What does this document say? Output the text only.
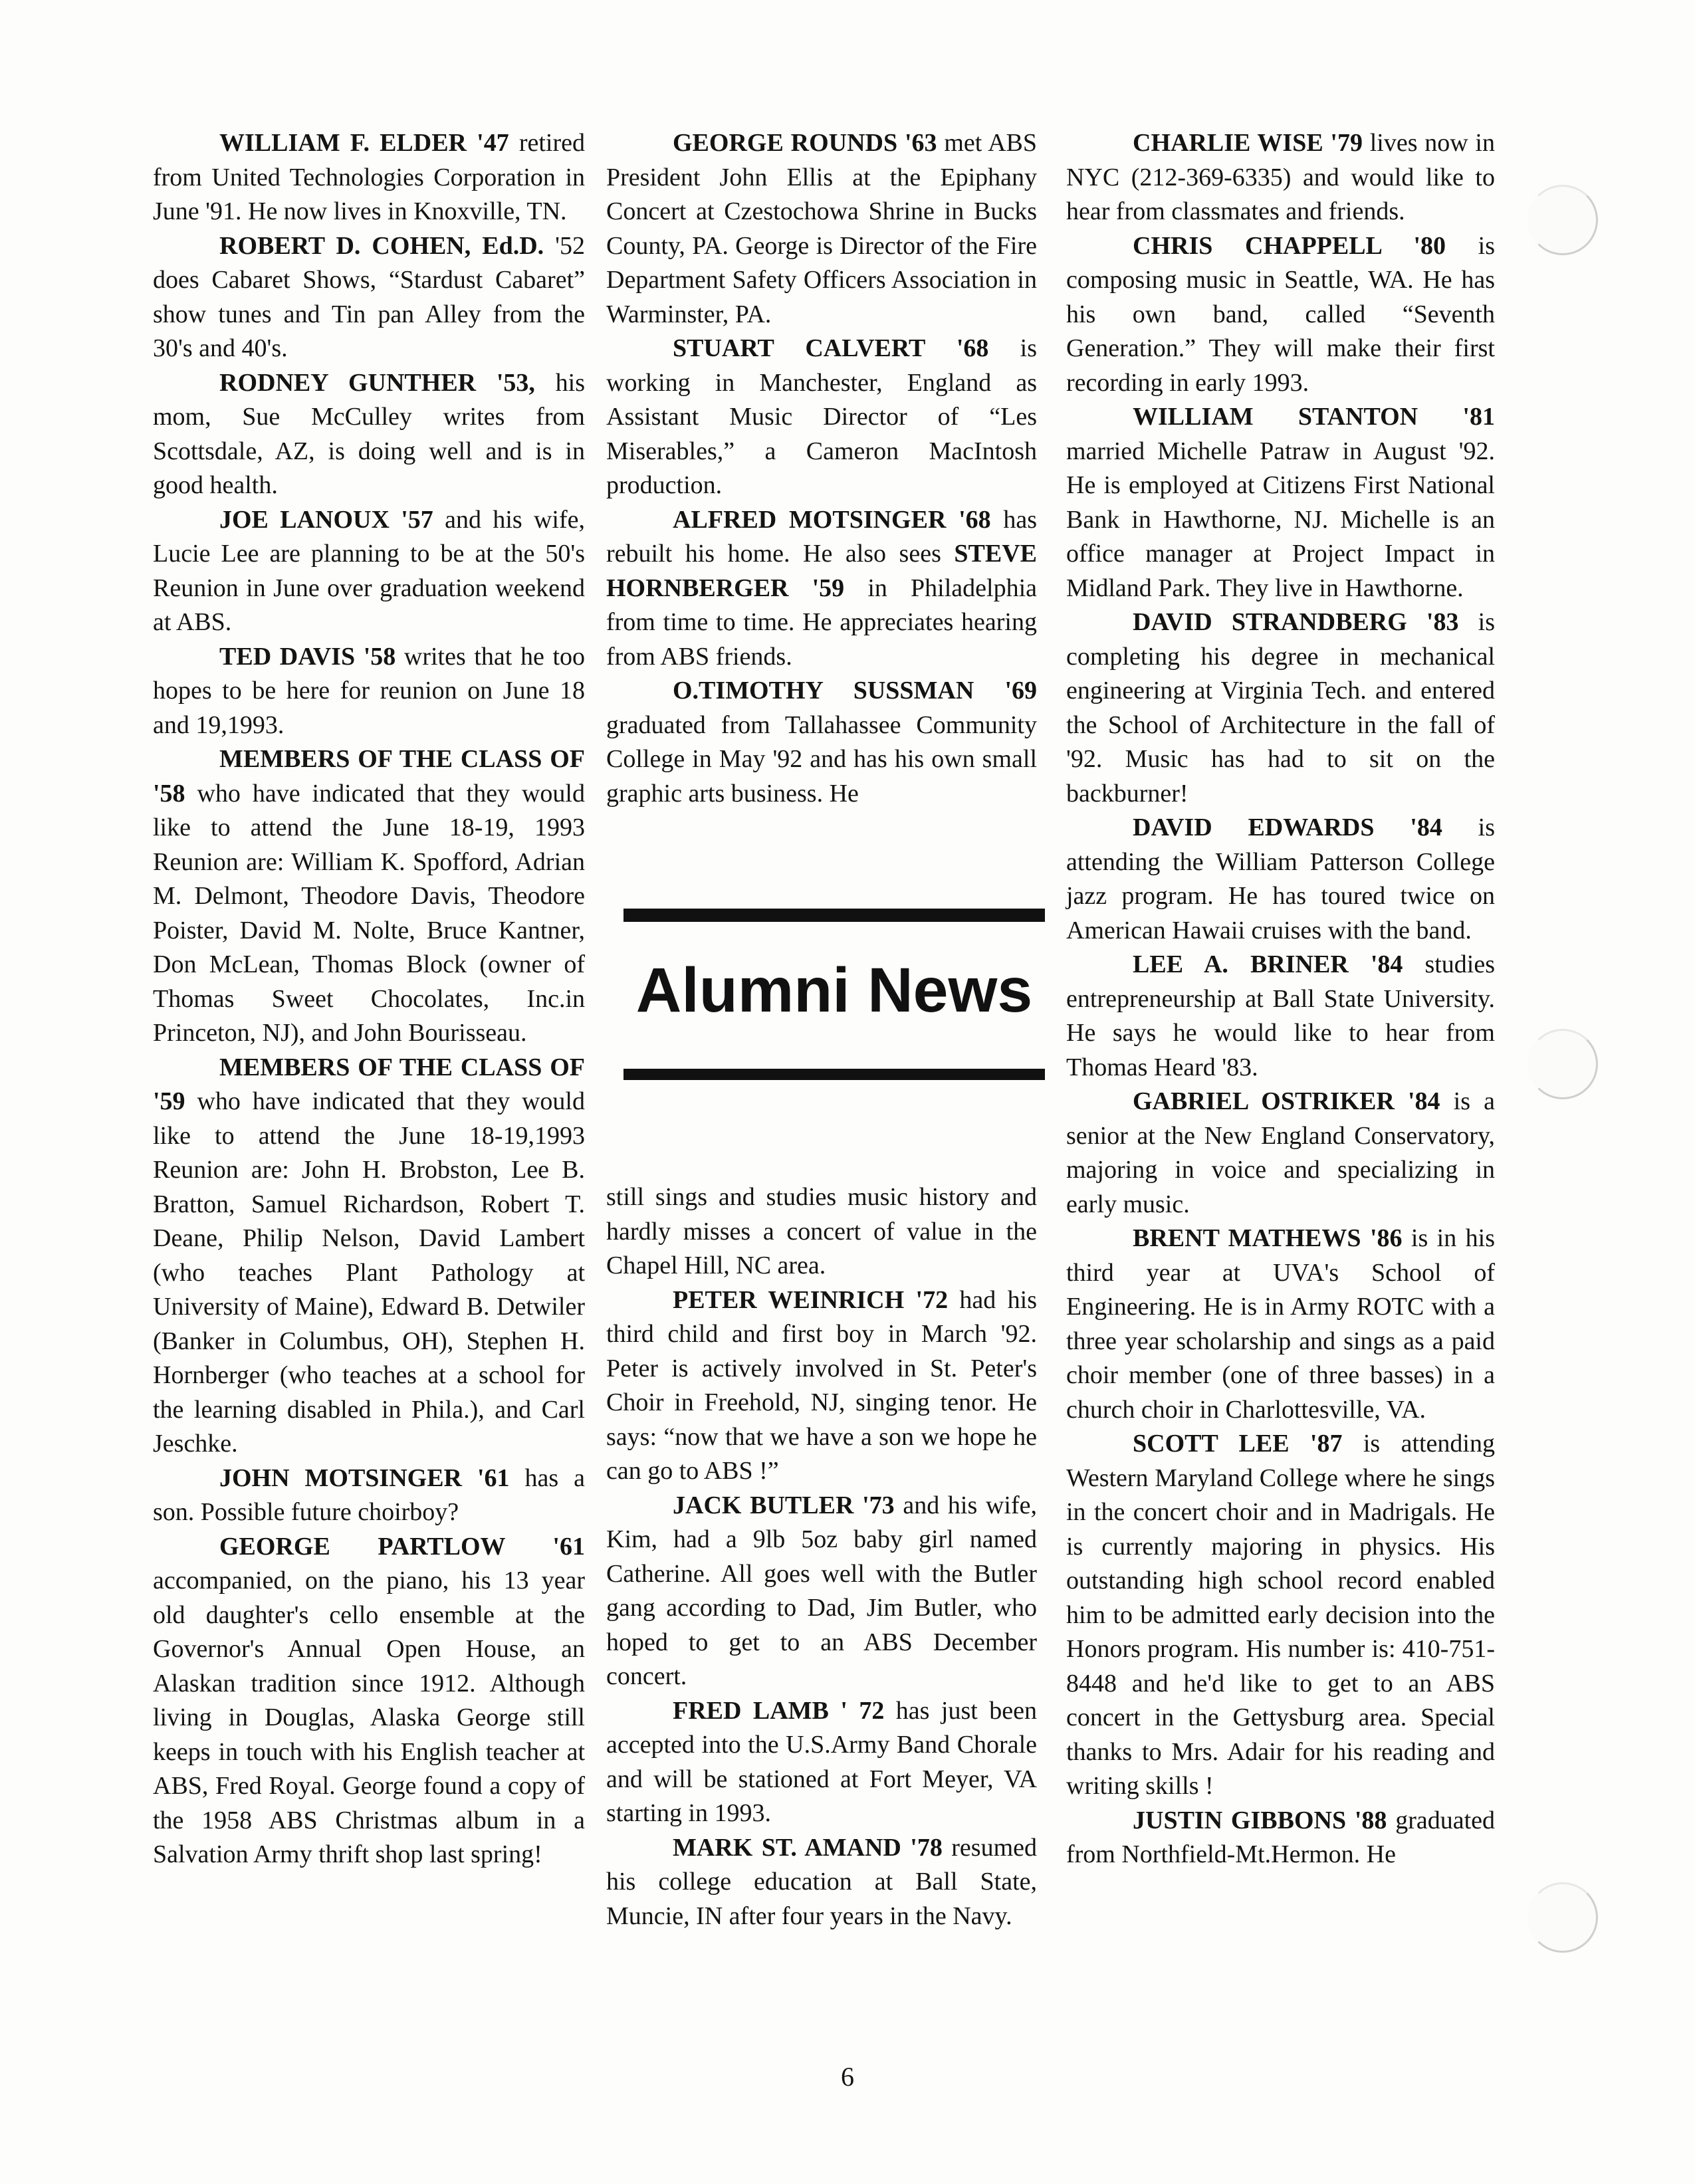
WILLIAM F. ELDER '47 retired from United Technologies Corporation in June '91. He now lives in Knoxville, TN.

ROBERT D. COHEN, Ed.D. '52 does Cabaret Shows, “Stardust Cabaret” show tunes and Tin pan Alley from the 30's and 40's.

RODNEY GUNTHER '53, his mom, Sue McCulley writes from Scottsdale, AZ, is doing well and is in good health.

JOE LANOUX '57 and his wife, Lucie Lee are planning to be at the 50's Reunion in June over graduation weekend at ABS.

TED DAVIS '58 writes that he too hopes to be here for reunion on June 18 and 19,1993.

MEMBERS OF THE CLASS OF '58 who have indicated that they would like to attend the June 18-19, 1993 Reunion are: William K. Spofford, Adrian M. Delmont, Theodore Davis, Theodore Poister, David M. Nolte, Bruce Kantner, Don McLean, Thomas Block (owner of Thomas Sweet Chocolates, Inc.in Princeton, NJ), and John Bourisseau.

MEMBERS OF THE CLASS OF '59 who have indicated that they would like to attend the June 18-19,1993 Reunion are: John H. Brobston, Lee B. Bratton, Samuel Richardson, Robert T. Deane, Philip Nelson, David Lambert (who teaches Plant Pathology at University of Maine), Edward B. Detwiler (Banker in Columbus, OH), Stephen H. Hornberger (who teaches at a school for the learning disabled in Phila.), and Carl Jeschke.

JOHN MOTSINGER '61 has a son. Possible future choirboy?

GEORGE PARTLOW '61 accompanied, on the piano, his 13 year old daughter's cello ensemble at the Governor's Annual Open House, an Alaskan tradition since 1912. Although living in Douglas, Alaska George still keeps in touch with his English teacher at ABS, Fred Royal. George found a copy of the 1958 ABS Christmas album in a Salvation Army thrift shop last spring!

GEORGE ROUNDS '63 met ABS President John Ellis at the Epiphany Concert at Czestochowa Shrine in Bucks County, PA. George is Director of the Fire Department Safety Officers Association in Warminster, PA.

STUART CALVERT '68 is working in Manchester, England as Assistant Music Director of “Les Miserables,” a Cameron MacIntosh production.

ALFRED MOTSINGER '68 has rebuilt his home. He also sees STEVE HORNBERGER '59 in Philadelphia from time to time. He appreciates hearing from ABS friends.

O.TIMOTHY SUSSMAN '69 graduated from Tallahassee Community College in May '92 and has his own small graphic arts business. He

Alumni News

still sings and studies music history and hardly misses a concert of value in the Chapel Hill, NC area.

PETER WEINRICH '72 had his third child and first boy in March '92. Peter is actively involved in St. Peter's Choir in Freehold, NJ, singing tenor. He says: “now that we have a son we hope he can go to ABS !”

JACK BUTLER '73 and his wife, Kim, had a 9lb 5oz baby girl named Catherine. All goes well with the Butler gang according to Dad, Jim Butler, who hoped to get to an ABS December concert.

FRED LAMB ' 72 has just been accepted into the U.S.Army Band Chorale and will be stationed at Fort Meyer, VA starting in 1993.

MARK ST. AMAND '78 resumed his college education at Ball State, Muncie, IN after four years in the Navy.

CHARLIE WISE '79 lives now in NYC (212-369-6335) and would like to hear from classmates and friends.

CHRIS CHAPPELL '80 is composing music in Seattle, WA. He has his own band, called “Seventh Generation.” They will make their first recording in early 1993.

WILLIAM STANTON '81 married Michelle Patraw in August '92. He is employed at Citizens First National Bank in Hawthorne, NJ. Michelle is an office manager at Project Impact in Midland Park. They live in Hawthorne.

DAVID STRANDBERG '83 is completing his degree in mechanical engineering at Virginia Tech. and entered the School of Architecture in the fall of '92. Music has had to sit on the backburner!

DAVID EDWARDS '84 is attending the William Patterson College jazz program. He has toured twice on American Hawaii cruises with the band.

LEE A. BRINER '84 studies entrepreneurship at Ball State University. He says he would like to hear from Thomas Heard '83.

GABRIEL OSTRIKER '84 is a senior at the New England Conservatory, majoring in voice and specializing in early music.

BRENT MATHEWS '86 is in his third year at UVA's School of Engineering. He is in Army ROTC with a three year scholarship and sings as a paid choir member (one of three basses) in a church choir in Charlottesville, VA.

SCOTT LEE '87 is attending Western Maryland College where he sings in the concert choir and in Madrigals. He is currently majoring in physics. His outstanding high school record enabled him to be admitted early decision into the Honors program. His number is: 410-751-8448 and he'd like to get to an ABS concert in the Gettysburg area. Special thanks to Mrs. Adair for his reading and writing skills !

JUSTIN GIBBONS '88 graduated from Northfield-Mt.Hermon. He

6
